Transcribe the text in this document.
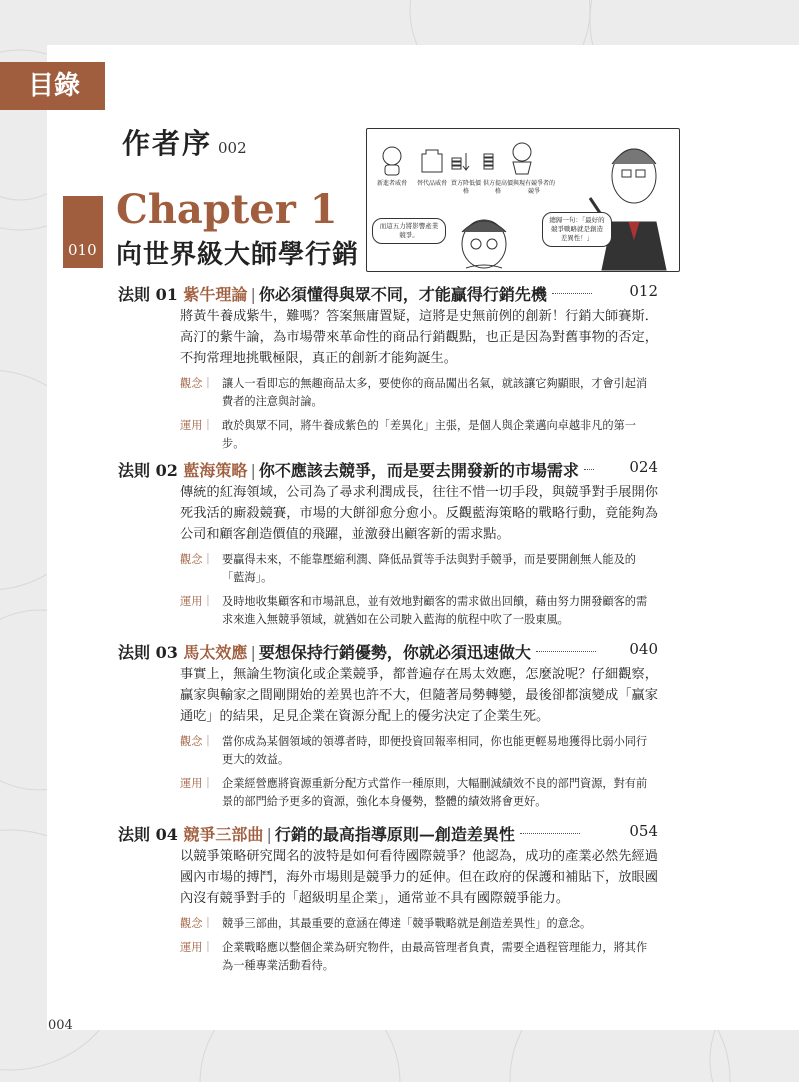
目錄
作者序 002
010
Chapter 1
向世界級大師學行銷
新進者威脅	替代品威脅 買方降低價格
供方提高價格
與現有競爭者的競爭
而這五力將影響產業競爭。
總歸一句：「最好的競爭戰略就是創造差異性！」
法則 01 紫牛理論 | 你必須懂得與眾不同，才能贏得行銷先機	012

將黃牛養成紫牛，難嗎？答案無庸置疑，這將是史無前例的創新！行銷大師賽斯．高汀的紫牛論，為市場帶來革命性的商品行銷觀點，也正是因為對舊事物的否定，不拘常理地挑戰極限，真正的創新才能夠誕生。

觀念｜ 讓人一看即忘的無趣商品太多，要使你的商品闖出名氣，就該讓它夠顯眼，才會引起消費者的注意與討論。
運用｜ 敢於與眾不同，將牛養成紫色的「差異化」主張，是個人與企業邁向卓越非凡的第一步。
法則 02 藍海策略 | 你不應該去競爭，而是要去開發新的市場需求	024

傳統的紅海領域，公司為了尋求利潤成長，往往不惜一切手段，與競爭對手展開你死我活的廝殺競賽，市場的大餅卻愈分愈小。反觀藍海策略的戰略行動，竟能夠為公司和顧客創造價值的飛躍，並激發出顧客新的需求點。

觀念｜ 要贏得未來，不能靠壓縮利潤、降低品質等手法與對手競爭，而是要開創無人能及的「藍海」。
運用｜ 及時地收集顧客和市場訊息，並有效地對顧客的需求做出回饋，藉由努力開發顧客的需求來進入無競爭領域，就猶如在公司駛入藍海的航程中吹了一股東風。
法則 03 馬太效應 | 要想保持行銷優勢，你就必須迅速做大	040

事實上，無論生物演化或企業競爭，都普遍存在馬太效應，怎麼說呢？仔細觀察，贏家與輸家之間剛開始的差異也許不大，但隨著局勢轉變，最後卻都演變成「贏家通吃」的結果，足見企業在資源分配上的優劣決定了企業生死。

觀念｜ 當你成為某個領域的領導者時，即便投資回報率相同，你也能更輕易地獲得比弱小同行更大的效益。
運用｜ 企業經營應將資源重新分配方式當作一種原則，大幅刪減績效不良的部門資源，對有前景的部門給予更多的資源，強化本身優勢，整體的績效將會更好。
法則 04 競爭三部曲 | 行銷的最高指導原則—創造差異性	054

以競爭策略研究聞名的波特是如何看待國際競爭？他認為，成功的產業必然先經過國內市場的搏鬥，海外市場則是競爭力的延伸。但在政府的保護和補貼下，放眼國內沒有競爭對手的「超級明星企業」，通常並不具有國際競爭能力。

觀念｜ 競爭三部曲，其最重要的意涵在傳達「競爭戰略就是創造差異性」的意念。
運用｜ 企業戰略應以整個企業為研究物件，由最高管理者負責，需要全過程管理能力，將其作為一種專業活動看待。
004
